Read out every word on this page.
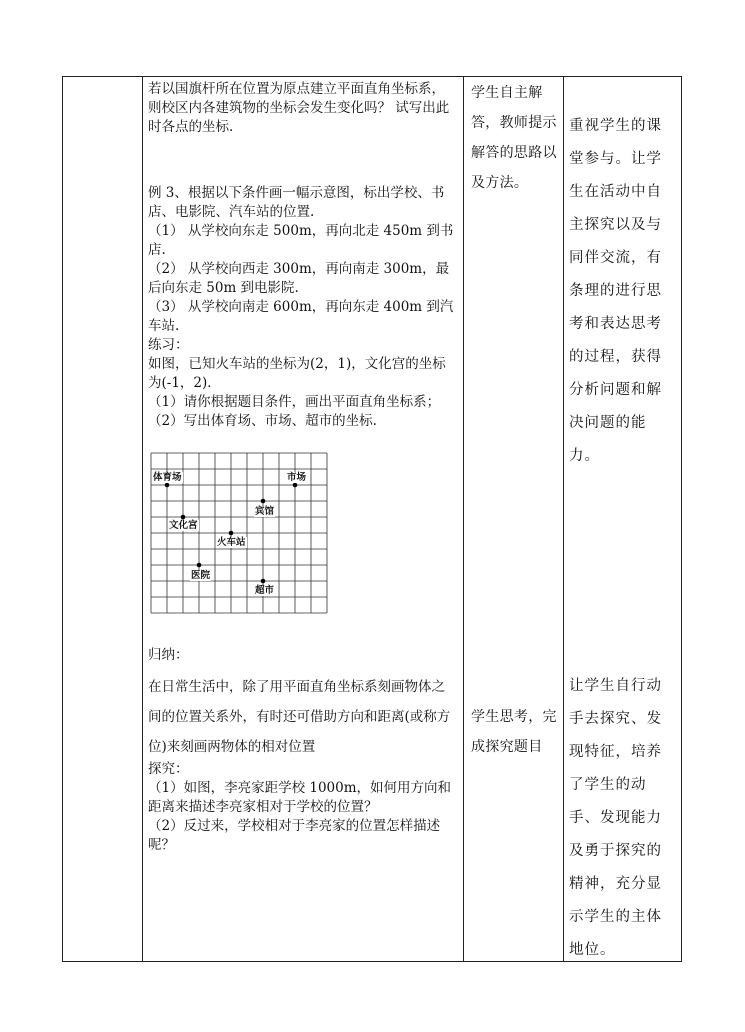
若以国旗杆所在位置为原点建立平面直角坐标系，则校区内各建筑物的坐标会发生变化吗？ 试写出此时各点的坐标.

例 3、根据以下条件画一幅示意图，标出学校、书店、电影院、汽车站的位置.

（1） 从学校向东走 500m，再向北走 450m 到书店.

（2） 从学校向西走 300m，再向南走 300m，最后向东走 50m 到电影院.

（3） 从学校向南走 600m，再向东走 400m 到汽车站.

练习：

如图，已知火车站的坐标为(2，1)，文化宫的坐标为(-1，2)．

（1）请你根据题目条件，画出平面直角坐标系；

（2）写出体育场、市场、超市的坐标.

体育场	市场
宾馆
文化宫
火车站
医院
超市

归纳：

在日常生活中，除了用平面直角坐标系刻画物体之间的位置关系外，有时还可借助方向和距离(或称方位)来刻画两物体的相对位置

探究：

（1）如图，李亮家距学校 1000m，如何用方向和距离来描述李亮家相对于学校的位置？

（2）反过来，学校相对于李亮家的位置怎样描述呢？

学生自主解答，教师提示解答的思路以及方法。
学生思考，完成探究题目
重视学生的课堂参与。让学生在活动中自主探究以及与同伴交流，有条理的进行思考和表达思考的过程，获得分析问题和解决问题的能力。
让学生自行动手去探究、发现特征，培养了学生的动手、发现能力及勇于探究的精神，充分显示学生的主体地位。
